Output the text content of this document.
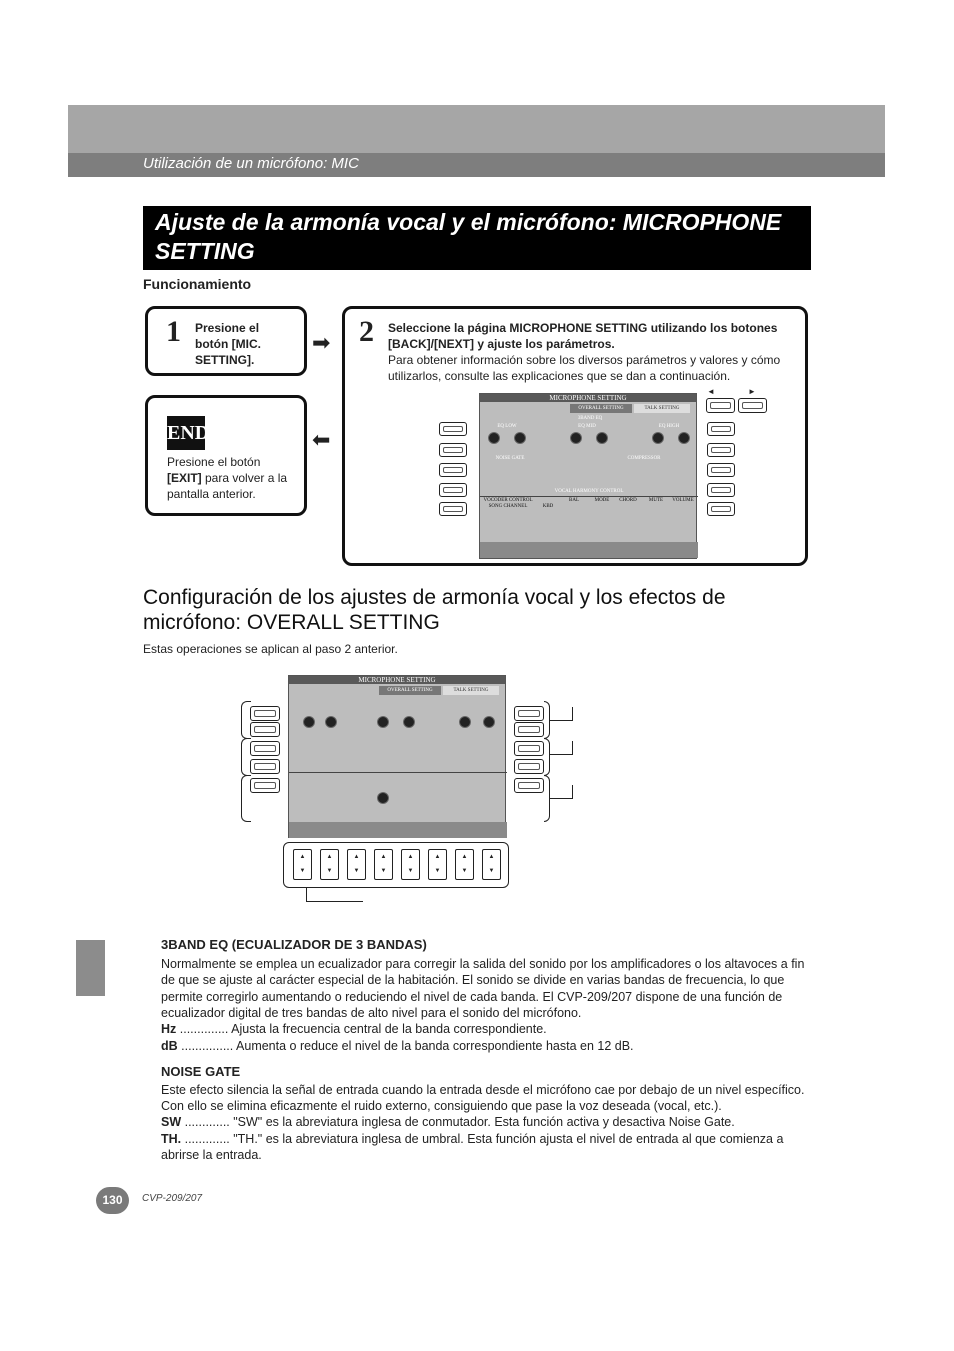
Utilización de un micrófono: MIC
Ajuste de la armonía vocal y el micrófono: MICROPHONE SETTING
Funcionamiento
1 Presione el botón [MIC. SETTING].
➡ 2 Seleccione la página MICROPHONE SETTING utilizando los botones [BACK]/[NEXT] y ajuste los parámetros.
Para obtener información sobre los diversos parámetros y valores y cómo utilizarlos, consulte las explicaciones que se dan a continuación.
◄	►
MICROPHONE SETTING
OVERALL SETTING	TALK SETTING
3BAND EQ
EQ LOW	EQ MID	EQ HIGH
NOISE GATE	COMPRESSOR
VOCAL HARMONY CONTROL
VOCODER CONTROL
SONG CHANNEL	KBD
BAL	MODE	CHORD	MUTE	VOLUME
⬅
END
Presione el botón [EXIT] para volver a la pantalla anterior.
Configuración de los ajustes de armonía vocal y los efectos de micrófono: OVERALL SETTING
Estas operaciones se aplican al paso 2 anterior.
MICROPHONE SETTING
OVERALL SETTING	TALK SETTING
▲
▼
▲
▼
▲
▼
▲
▼
▲
▼
▲
▼
▲
▼
▲
▼
3BAND EQ (ECUALIZADOR DE 3 BANDAS)
Normalmente se emplea un ecualizador para corregir la salida del sonido por los amplificadores o los altavoces a fin de que se ajuste al carácter especial de la habitación. El sonido se divide en varias bandas de frecuencia, lo que permite corregirlo aumentando o reduciendo el nivel de cada banda. El CVP-209/207 dispone de una función de ecualizador digital de tres bandas de alto nivel para el sonido del micrófono.
Hz .............. Ajusta la frecuencia central de la banda correspondiente.
dB ............... Aumenta o reduce el nivel de la banda correspondiente hasta en 12 dB.
NOISE GATE
Este efecto silencia la señal de entrada cuando la entrada desde el micrófono cae por debajo de un nivel específico. Con ello se elimina eficazmente el ruido externo, consiguiendo que pase la voz deseada (vocal, etc.).
SW ............. "SW" es la abreviatura inglesa de conmutador. Esta función activa y desactiva Noise Gate.
TH. ............. "TH." es la abreviatura inglesa de umbral. Esta función ajusta el nivel de entrada al que comienza a abrirse la entrada.
130	CVP-209/207
